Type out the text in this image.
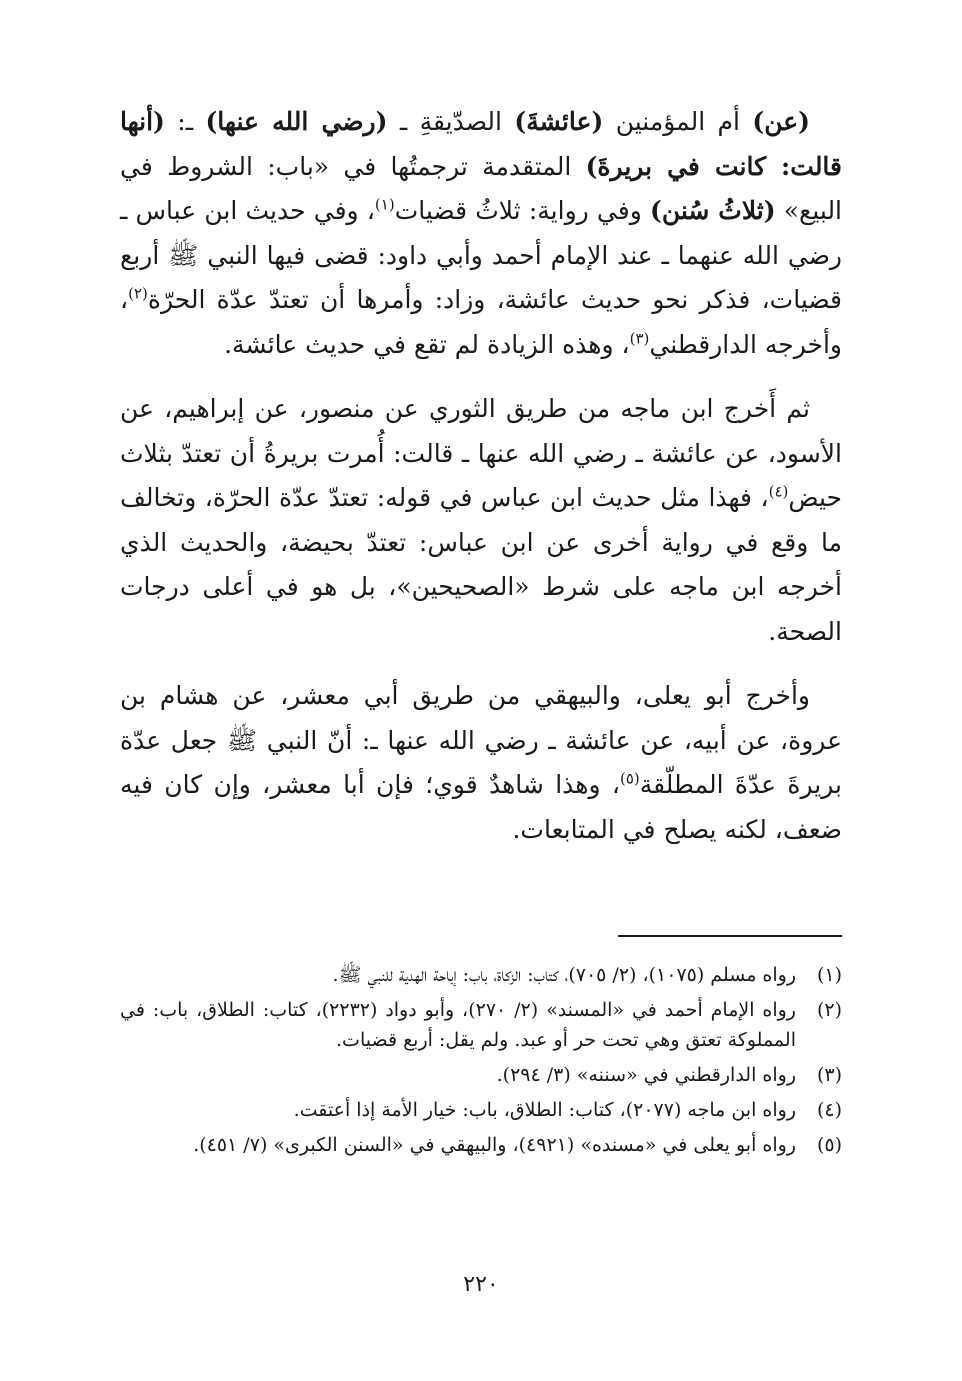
(عن) أم المؤمنين (عائشةَ) الصدّيقةِ ـ (رضي الله عنها) ـ: (أنها قالت: كانت في بريرةَ) المتقدمة ترجمتُها في «باب: الشروط في البيع» (ثلاثُ سُنن) وفي رواية: ثلاثُ قضيات$^{(١)}$، وفي حديث ابن عباس ـ رضي الله عنهما ـ عند الإمام أحمد وأبي داود: قضى فيها النبي ﷺ أربع قضيات، فذكر نحو حديث عائشة، وزاد: وأمرها أن تعتدّ عدّة الحرّة$^{(٢)}$، وأخرجه الدارقطني$^{(٣)}$، وهذه الزيادة لم تقع في حديث عائشة.

ثم أَخرج ابن ماجه من طريق الثوري عن منصور، عن إبراهيم، عن الأسود، عن عائشة ـ رضي الله عنها ـ قالت: أُمرت بريرةُ أن تعتدّ بثلاث حيض$^{(٤)}$، فهذا مثل حديث ابن عباس في قوله: تعتدّ عدّة الحرّة، وتخالف ما وقع في رواية أخرى عن ابن عباس: تعتدّ بحيضة، والحديث الذي أخرجه ابن ماجه على شرط «الصحيحين»، بل هو في أعلى درجات الصحة.

وأخرج أبو يعلى، والبيهقي من طريق أبي معشر، عن هشام بن عروة، عن أبيه، عن عائشة ـ رضي الله عنها ـ: أنّ النبي ﷺ جعل عدّة بريرةَ عدّةَ المطلّقة$^{(٥)}$، وهذا شاهدٌ قوي؛ فإن أبا معشر، وإن كان فيه ضعف، لكنه يصلح في المتابعات.

(١)
رواه مسلم (١٠٧٥)، (٢/ ٧٠٥)، كتاب: الزكاة، باب: إباحة الهدية للنبي ﷺ.
(٢)
رواه الإمام أحمد في «المسند» (٢/ ٢٧٠)، وأبو دواد (٢٢٣٢)، كتاب: الطلاق، باب: في المملوكة تعتق وهي تحت حر أو عبد. ولم يقل: أربع قضيات.
(٣)
رواه الدارقطني في «سننه» (٣/ ٢٩٤).
(٤)
رواه ابن ماجه (٢٠٧٧)، كتاب: الطلاق، باب: خيار الأمة إذا أعتقت.
(٥)
رواه أبو يعلى في «مسنده» (٤٩٢١)، والبيهقي في «السنن الكبرى» (٧/ ٤٥١).
٢٢٠
